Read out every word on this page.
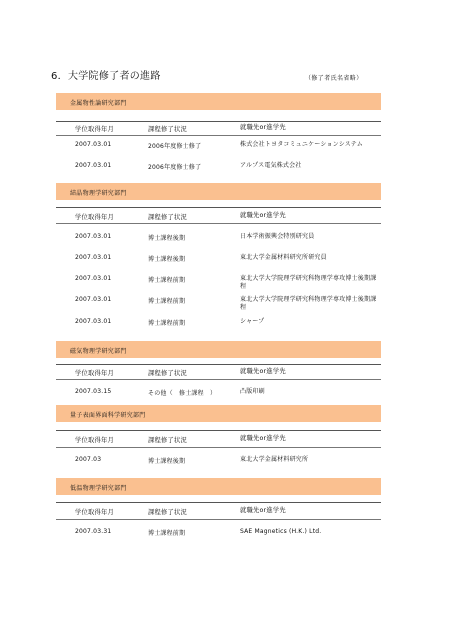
6．大学院修了者の進路	（修了者氏名省略）
金属物性論研究部門
学位取得年月	課程修了状況	就職先or進学先
2007.03.01	2006年度修士修了	株式会社トヨタコミュニケーションシステム
2007.03.01	2006年度修士修了	アルプス電気株式会社
結晶物理学研究部門
学位取得年月	課程修了状況	就職先or進学先
2007.03.01	博士課程後期	日本学術振興会特別研究員
2007.03.01	博士課程後期	東北大学金属材料研究所研究員
2007.03.01	博士課程前期	東北大学大学院理学研究科物理学専攻博士後期課程
2007.03.01	博士課程前期	東北大学大学院理学研究科物理学専攻博士後期課程
2007.03.01	博士課程前期	シャープ
磁気物理学研究部門
学位取得年月	課程修了状況	就職先or進学先
2007.03.15	その他（　修士課程　）	凸版印刷
量子表面界面科学研究部門
学位取得年月	課程修了状況	就職先or進学先
2007.03	博士課程後期	東北大学金属材料研究所
低温物理学研究部門
学位取得年月	課程修了状況	就職先or進学先
2007.03.31	博士課程前期	SAE Magnetics (H.K.) Ltd.
